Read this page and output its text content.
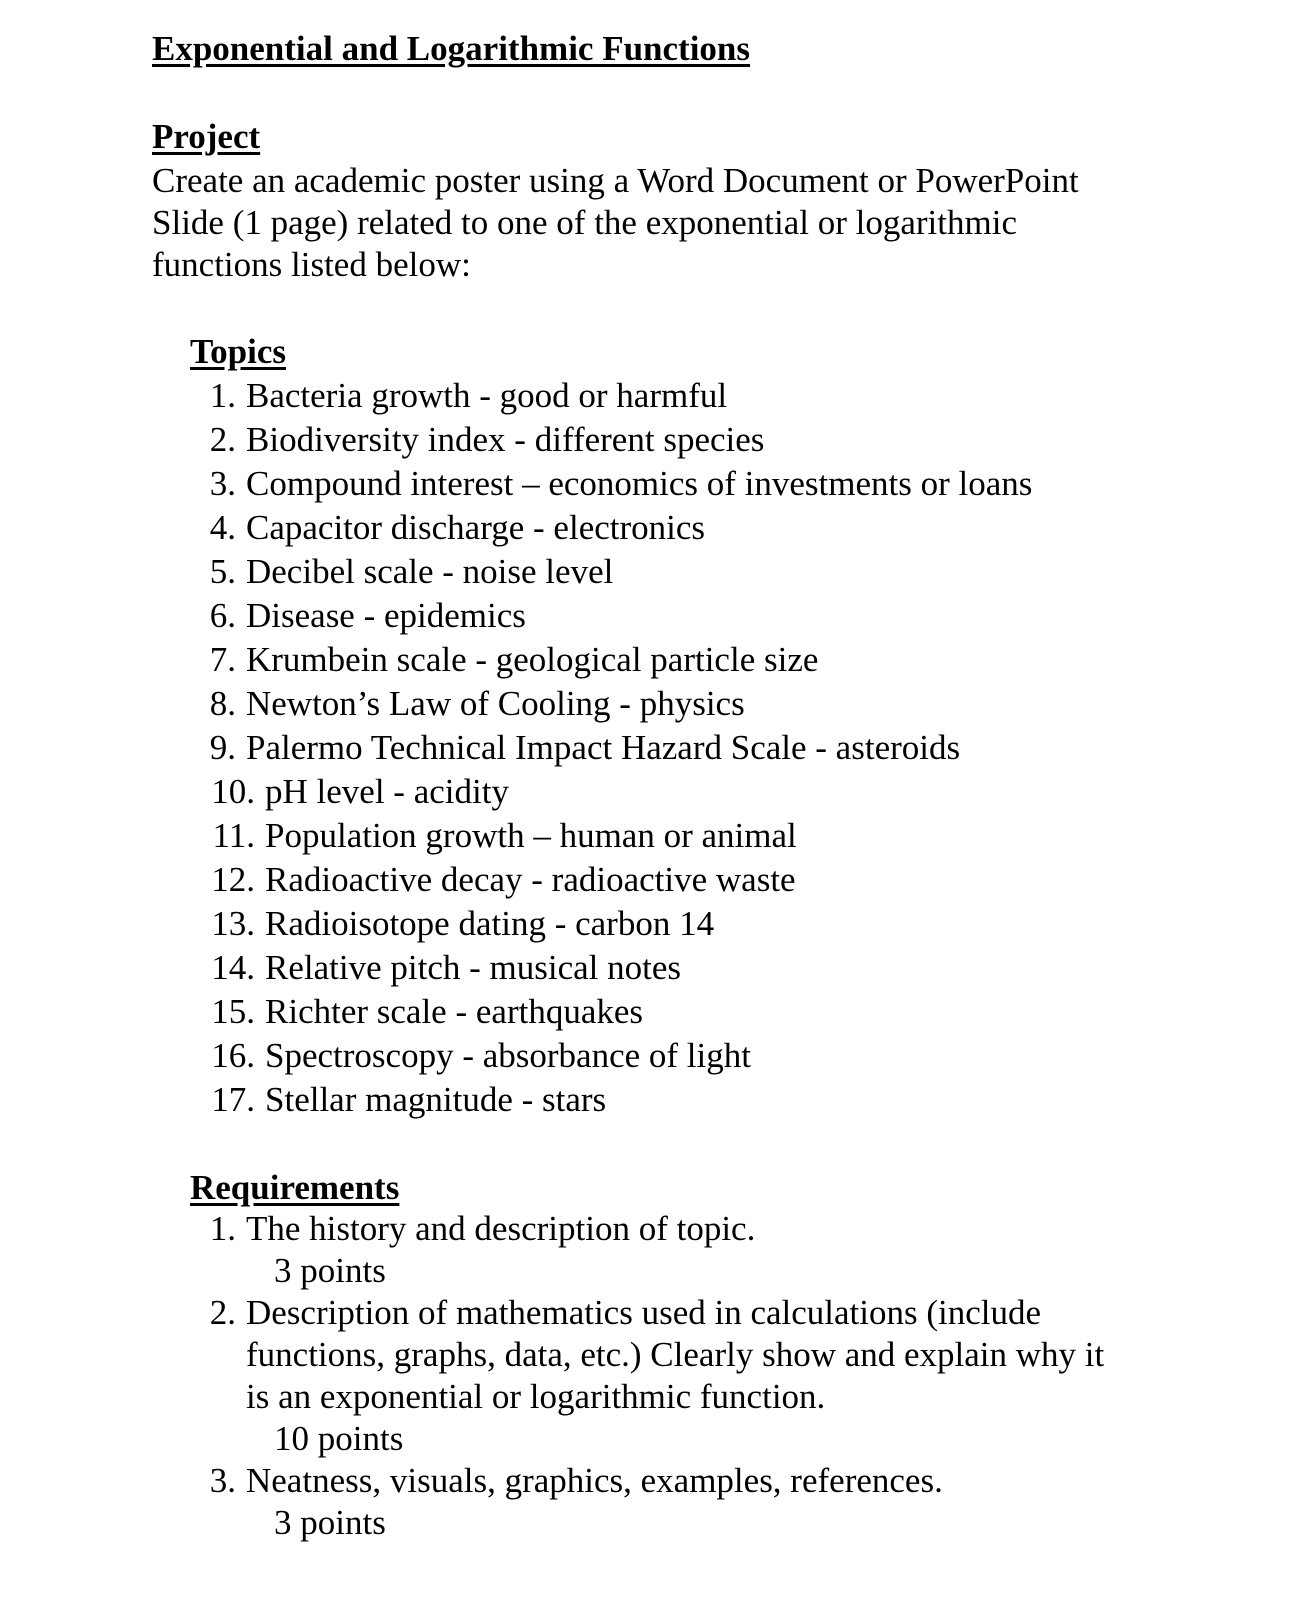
Exponential and Logarithmic Functions
Project
Create an academic poster using a Word Document or PowerPoint
Slide (1 page) related to one of the exponential or logarithmic
functions listed below:
Topics
1. Bacteria growth - good or harmful
2. Biodiversity index - different species
3. Compound interest – economics of investments or loans
4. Capacitor discharge - electronics
5. Decibel scale - noise level
6. Disease - epidemics
7. Krumbein scale - geological particle size
8. Newton’s Law of Cooling - physics
9. Palermo Technical Impact Hazard Scale - asteroids
10. pH level - acidity
11. Population growth – human or animal
12. Radioactive decay - radioactive waste
13. Radioisotope dating - carbon 14
14. Relative pitch - musical notes
15. Richter scale - earthquakes
16. Spectroscopy - absorbance of light
17. Stellar magnitude - stars
Requirements
1. The history and description of topic.
3 points
2. Description of mathematics used in calculations (include
functions, graphs, data, etc.) Clearly show and explain why it
is an exponential or logarithmic function.
10 points
3. Neatness, visuals, graphics, examples, references.
3 points
